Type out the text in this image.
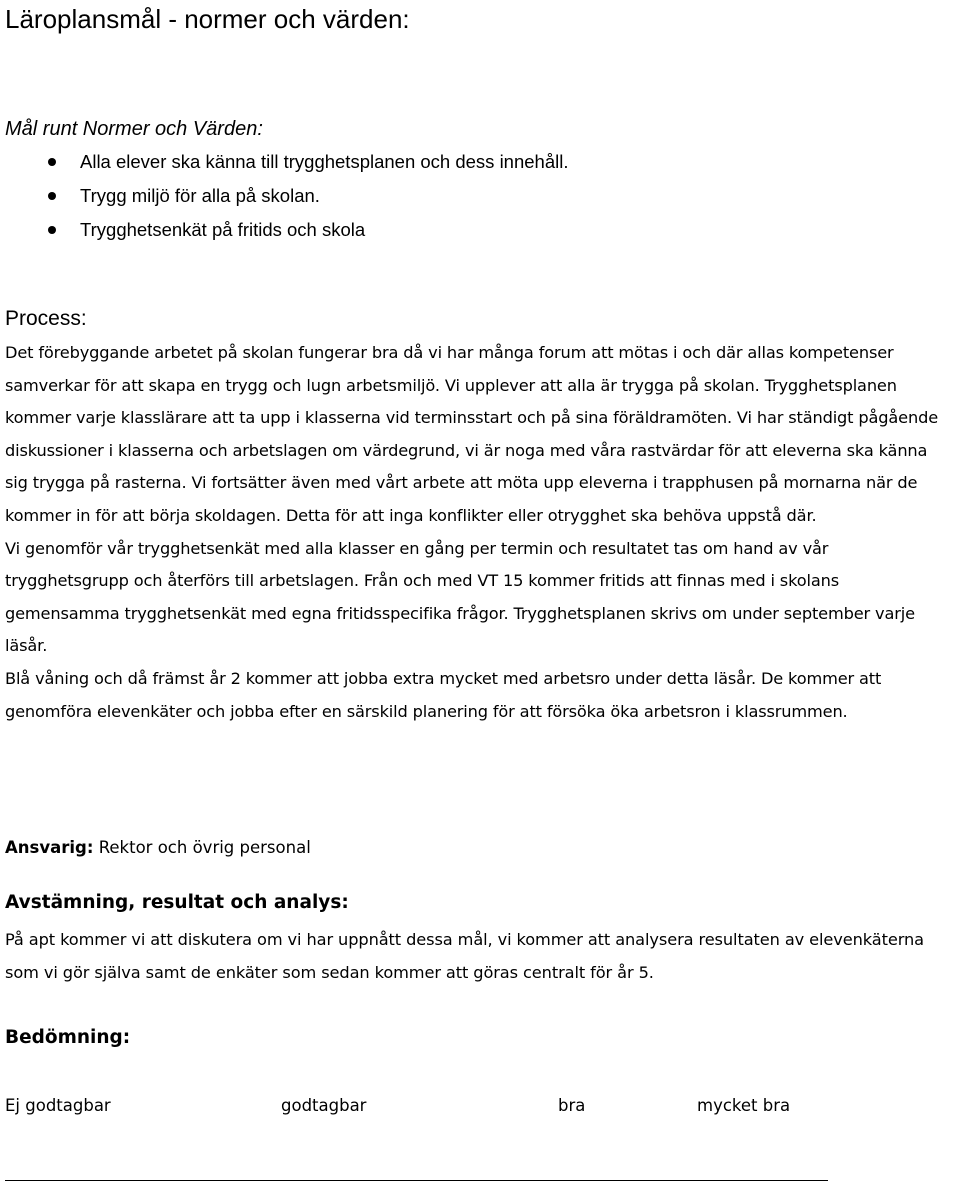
Läroplansmål - normer och värden:
Mål runt Normer och Värden:
Alla elever ska känna till trygghetsplanen och dess innehåll.
Trygg miljö för alla på skolan.
Trygghetsenkät på fritids och skola
Process:

Det förebyggande arbetet på skolan fungerar bra då vi har många forum att mötas i och där allas kompetenser samverkar för att skapa en trygg och lugn arbetsmiljö. Vi upplever att alla är trygga på skolan. Trygghetsplanen kommer varje klasslärare att ta upp i klasserna vid terminsstart och på sina föräldramöten. Vi har ständigt pågående diskussioner i klasserna och arbetslagen om värdegrund, vi är noga med våra rastvärdar för att eleverna ska känna sig trygga på rasterna. Vi fortsätter även med vårt arbete att möta upp eleverna i trapphusen på mornarna när de kommer in för att börja skoldagen. Detta för att inga konflikter eller otrygghet ska behöva uppstå där.

Vi genomför vår trygghetsenkät med alla klasser en gång per termin och resultatet tas om hand av vår trygghetsgrupp och återförs till arbetslagen. Från och med VT 15 kommer fritids att finnas med i skolans gemensamma trygghetsenkät med egna fritidsspecifika frågor. Trygghetsplanen skrivs om under september varje läsår.

Blå våning och då främst år 2 kommer att jobba extra mycket med arbetsro under detta läsår. De kommer att genomföra elevenkäter och jobba efter en särskild planering för att försöka öka arbetsron i klassrummen.

Ansvarig: Rektor och övrig personal

Avstämning, resultat och analys:

På apt kommer vi att diskutera om vi har uppnått dessa mål, vi kommer att analysera resultaten av elevenkäterna som vi gör själva samt de enkäter som sedan kommer att göras centralt för år 5.

Bedömning:
Ej godtagbar	godtagbar	bra	mycket bra
